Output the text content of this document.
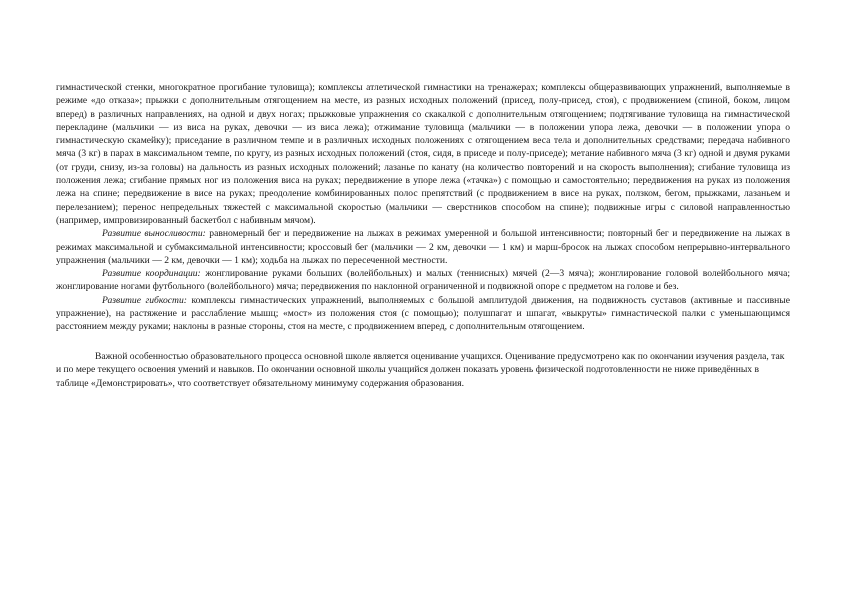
гимнастической стенки, многократное прогибание туловища); комплексы атлетической гимнастики на тренажерах; комплексы общеразвивающих упражнений, выполняемые в режиме «до отказа»; прыжки с дополнительным отягощением на месте, из разных исходных положений (присед, полу-присед, стоя), с продвижением (спиной, боком, лицом вперед) в различных направлениях, на одной и двух ногах; прыжковые упражнения со скакалкой с дополнительным отягощением; подтягивание туловища на гимнастической перекладине (мальчики — из виса на руках, девочки — из виса лежа); отжимание туловища (мальчики — в положении упора лежа, девочки — в положении упора о гимнастическую скамейку); приседание в различном темпе и в различных исходных положениях с отягощением веса тела и дополнительных средствами; передача набивного мяча (3 кг) в парах в максимальном темпе, по кругу, из разных исходных положений (стоя, сидя, в приседе и полу-приседе); метание набивного мяча (3 кг) одной и двумя руками (от груди, снизу, из-за головы) на дальность из разных исходных положений; лазанье по канату (на количество повторений и на скорость выполнения); сгибание туловища из положения лежа; сгибание прямых ног из положения виса на руках; передвижение в упоре лежа («тачка») с помощью и самостоятельно; передвижения на руках из положения лежа на спине; передвижение в висе на руках; преодоление комбинированных полос препятствий (с продвижением в висе на руках, ползком, бегом, прыжками, лазаньем и перелезанием); перенос непредельных тяжестей с максимальной скоростью (мальчики — сверстников способом на спине); подвижные игры с силовой направленностью (например, импровизированный баскетбол с набивным мячом).

Развитие выносливости: равномерный бег и передвижение на лыжах в режимах умеренной и большой интенсивности; повторный бег и передвижение на лыжах в режимах максимальной и субмаксимальной интенсивности; кроссовый бег (мальчики — 2 км, девочки — 1 км) и марш-бросок на лыжах способом непрерывно-интервального упражнения (мальчики — 2 км, девочки — 1 км); ходьба на лыжах по пересеченной местности.

Развитие координации: жонглирование руками больших (волейбольных) и малых (теннисных) мячей (2—3 мяча); жонглирование головой волейбольного мяча; жонглирование ногами футбольного (волейбольного) мяча; передвижения по наклонной ограниченной и подвижной опоре с предметом на голове и без.

Развитие гибкости: комплексы гимнастических упражнений, выполняемых с большой амплитудой движения, на подвижность суставов (активные и пассивные упражнение), на растяжение и расслабление мышц; «мост» из положения стоя (с помощью); полушпагат и шпагат, «выкруты» гимнастической палки с уменьшающимся расстоянием между руками; наклоны в разные стороны, стоя на месте, с продвижением вперед, с дополнительным отягощением.

Важной особенностью образовательного процесса основной школе является оценивание учащихся. Оценивание предусмотрено как по окончании изучения раздела, так и по мере текущего освоения умений и навыков. По окончании основной школы учащийся должен показать уровень физической подготовленности не ниже приведённых в таблице «Демонстрировать», что соответствует обязательному минимуму содержания образования.
